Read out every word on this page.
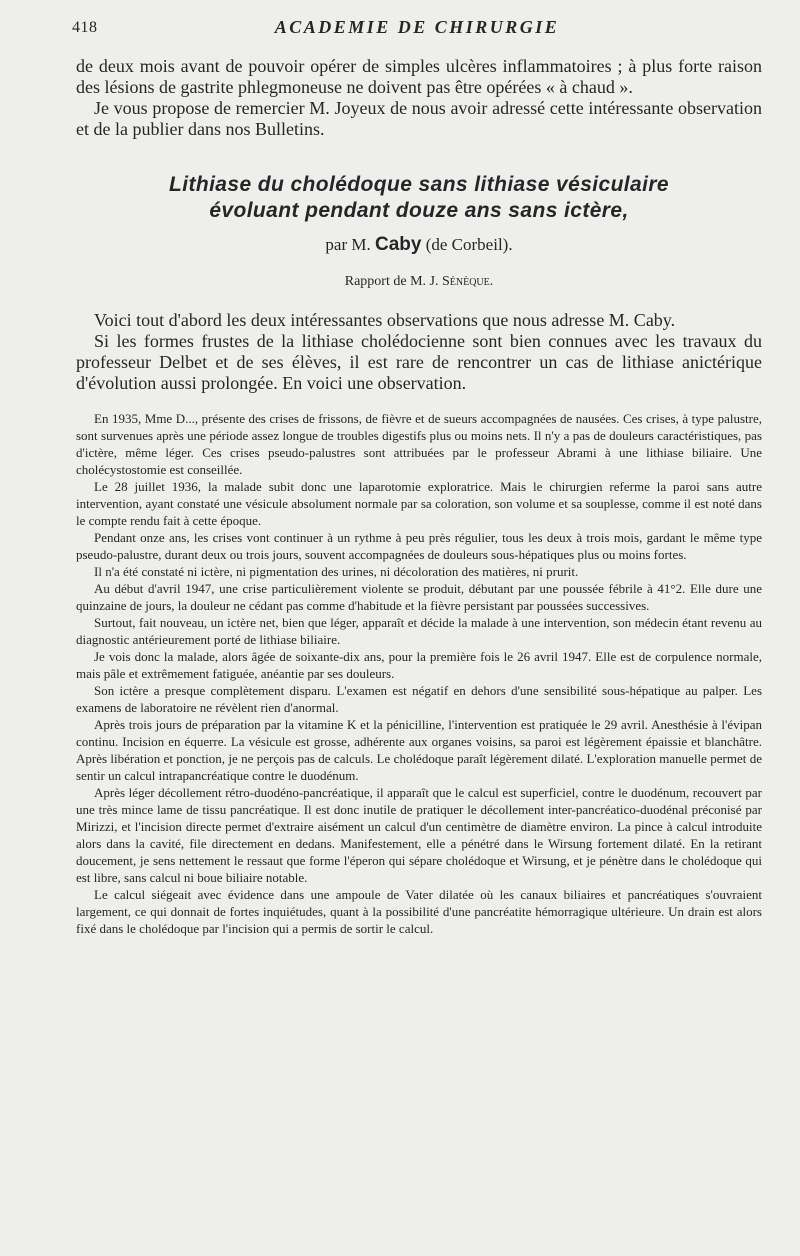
418	ACADEMIE DE CHIRURGIE

de deux mois avant de pouvoir opérer de simples ulcères inflammatoires ; à plus forte raison des lésions de gastrite phlegmoneuse ne doivent pas être opérées « à chaud ».

Je vous propose de remercier M. Joyeux de nous avoir adressé cette intéressante observation et de la publier dans nos Bulletins.

Lithiase du cholédoque sans lithiase vésiculaire
évoluant pendant douze ans sans ictère,
par M. Caby (de Corbeil).
Rapport de M. J. Sénèque.

Voici tout d'abord les deux intéressantes observations que nous adresse M. Caby.

Si les formes frustes de la lithiase cholédocienne sont bien connues avec les travaux du professeur Delbet et de ses élèves, il est rare de rencontrer un cas de lithiase anictérique d'évolution aussi prolongée. En voici une observation.

En 1935, Mme D..., présente des crises de frissons, de fièvre et de sueurs accompagnées de nausées. Ces crises, à type palustre, sont survenues après une période assez longue de troubles digestifs plus ou moins nets. Il n'y a pas de douleurs caractéristiques, pas d'ictère, même léger. Ces crises pseudo-palustres sont attribuées par le professeur Abrami à une lithiase biliaire. Une cholécystostomie est conseillée.

Le 28 juillet 1936, la malade subit donc une laparotomie exploratrice. Mais le chirurgien referme la paroi sans autre intervention, ayant constaté une vésicule absolument normale par sa coloration, son volume et sa souplesse, comme il est noté dans le compte rendu fait à cette époque.

Pendant onze ans, les crises vont continuer à un rythme à peu près régulier, tous les deux à trois mois, gardant le même type pseudo-palustre, durant deux ou trois jours, souvent accompagnées de douleurs sous-hépatiques plus ou moins fortes.

Il n'a été constaté ni ictère, ni pigmentation des urines, ni décoloration des matières, ni prurit.

Au début d'avril 1947, une crise particulièrement violente se produit, débutant par une poussée fébrile à 41°2. Elle dure une quinzaine de jours, la douleur ne cédant pas comme d'habitude et la fièvre persistant par poussées successives.

Surtout, fait nouveau, un ictère net, bien que léger, apparaît et décide la malade à une intervention, son médecin étant revenu au diagnostic antérieurement porté de lithiase biliaire.

Je vois donc la malade, alors âgée de soixante-dix ans, pour la première fois le 26 avril 1947. Elle est de corpulence normale, mais pâle et extrêmement fatiguée, anéantie par ses douleurs.

Son ictère a presque complètement disparu. L'examen est négatif en dehors d'une sensibilité sous-hépatique au palper. Les examens de laboratoire ne révèlent rien d'anormal.

Après trois jours de préparation par la vitamine K et la pénicilline, l'intervention est pratiquée le 29 avril. Anesthésie à l'évipan continu. Incision en équerre. La vésicule est grosse, adhérente aux organes voisins, sa paroi est légèrement épaissie et blanchâtre. Après libération et ponction, je ne perçois pas de calculs. Le cholédoque paraît légèrement dilaté. L'exploration manuelle permet de sentir un calcul intrapancréatique contre le duodénum.

Après léger décollement rétro-duodéno-pancréatique, il apparaît que le calcul est superficiel, contre le duodénum, recouvert par une très mince lame de tissu pancréatique. Il est donc inutile de pratiquer le décollement inter-pancréatico-duodénal préconisé par Mirizzi, et l'incision directe permet d'extraire aisément un calcul d'un centimètre de diamètre environ. La pince à calcul introduite alors dans la cavité, file directement en dedans. Manifestement, elle a pénétré dans le Wirsung fortement dilaté. En la retirant doucement, je sens nettement le ressaut que forme l'éperon qui sépare cholédoque et Wirsung, et je pénètre dans le cholédoque qui est libre, sans calcul ni boue biliaire notable.

Le calcul siégeait avec évidence dans une ampoule de Vater dilatée où les canaux biliaires et pancréatiques s'ouvraient largement, ce qui donnait de fortes inquiétudes, quant à la possibilité d'une pancréatite hémorragique ultérieure. Un drain est alors fixé dans le cholédoque par l'incision qui a permis de sortir le calcul.
